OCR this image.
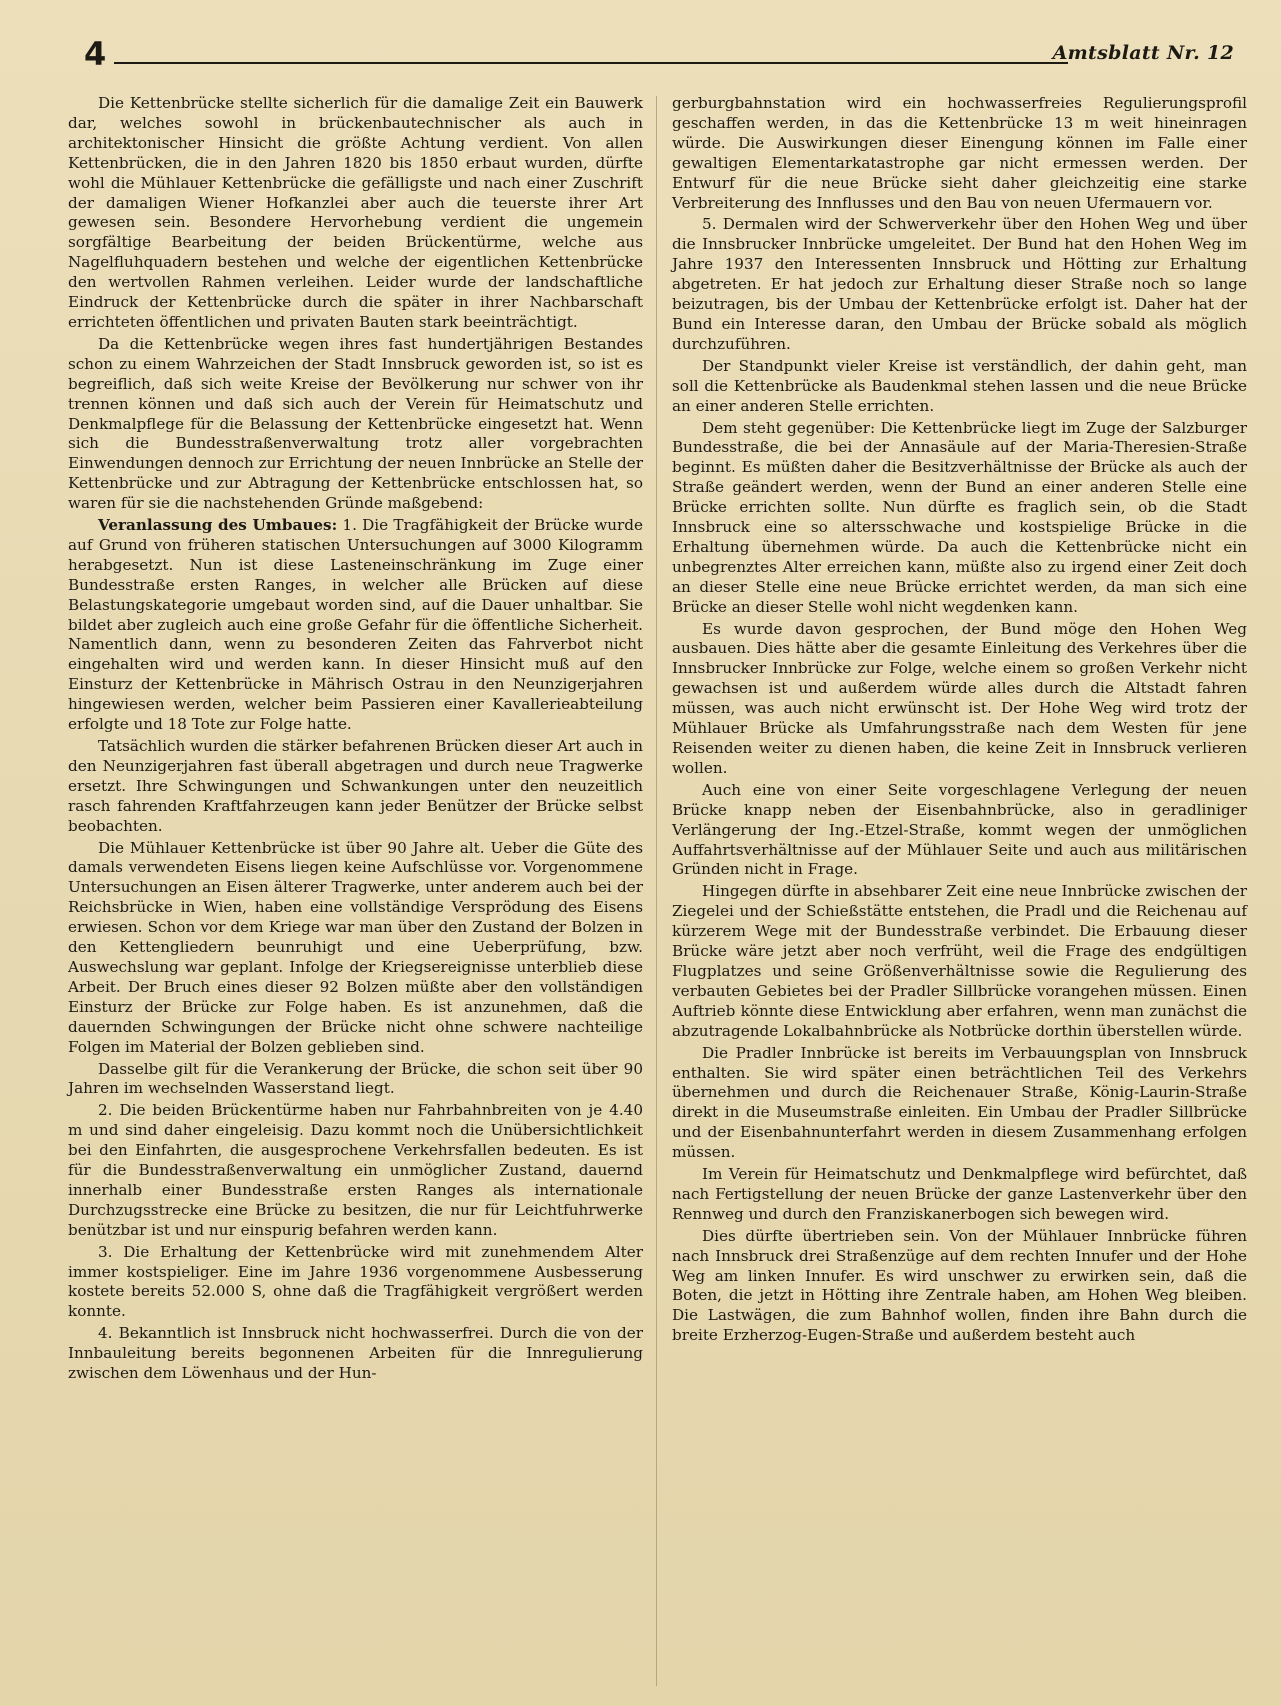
4	Amtsblatt Nr. 12

Die Kettenbrücke stellte sicherlich für die damalige Zeit ein Bauwerk dar, welches sowohl in brückenbautechnischer als auch in architektonischer Hinsicht die größte Achtung verdient. Von allen Kettenbrücken, die in den Jahren 1820 bis 1850 erbaut wurden, dürfte wohl die Mühlauer Kettenbrücke die gefälligste und nach einer Zuschrift der damaligen Wiener Hofkanzlei aber auch die teuerste ihrer Art gewesen sein. Besondere Hervorhebung verdient die ungemein sorgfältige Bearbeitung der beiden Brückentürme, welche aus Nagelfluhquadern bestehen und welche der eigentlichen Kettenbrücke den wertvollen Rahmen verleihen. Leider wurde der landschaftliche Eindruck der Kettenbrücke durch die später in ihrer Nachbarschaft errichteten öffentlichen und privaten Bauten stark beeinträchtigt.

Da die Kettenbrücke wegen ihres fast hundertjährigen Bestandes schon zu einem Wahrzeichen der Stadt Innsbruck geworden ist, so ist es begreiflich, daß sich weite Kreise der Bevölkerung nur schwer von ihr trennen können und daß sich auch der Verein für Heimatschutz und Denkmalpflege für die Belassung der Kettenbrücke eingesetzt hat. Wenn sich die Bundesstraßenverwaltung trotz aller vorgebrachten Einwendungen dennoch zur Errichtung der neuen Innbrücke an Stelle der Kettenbrücke und zur Abtragung der Kettenbrücke entschlossen hat, so waren für sie die nachstehenden Gründe maßgebend:

Veranlassung des Umbaues: 1. Die Tragfähigkeit der Brücke wurde auf Grund von früheren statischen Untersuchungen auf 3000 Kilogramm herabgesetzt. Nun ist diese Lasteneinschränkung im Zuge einer Bundesstraße ersten Ranges, in welcher alle Brücken auf diese Belastungskategorie umgebaut worden sind, auf die Dauer unhaltbar. Sie bildet aber zugleich auch eine große Gefahr für die öffentliche Sicherheit. Namentlich dann, wenn zu besonderen Zeiten das Fahrverbot nicht eingehalten wird und werden kann. In dieser Hinsicht muß auf den Einsturz der Kettenbrücke in Mährisch Ostrau in den Neunzigerjahren hingewiesen werden, welcher beim Passieren einer Kavallerieabteilung erfolgte und 18 Tote zur Folge hatte.

Tatsächlich wurden die stärker befahrenen Brücken dieser Art auch in den Neunzigerjahren fast überall abgetragen und durch neue Tragwerke ersetzt. Ihre Schwingungen und Schwankungen unter den neuzeitlich rasch fahrenden Kraftfahrzeugen kann jeder Benützer der Brücke selbst beobachten.

Die Mühlauer Kettenbrücke ist über 90 Jahre alt. Ueber die Güte des damals verwendeten Eisens liegen keine Aufschlüsse vor. Vorgenommene Untersuchungen an Eisen älterer Tragwerke, unter anderem auch bei der Reichsbrücke in Wien, haben eine vollständige Versprödung des Eisens erwiesen. Schon vor dem Kriege war man über den Zustand der Bolzen in den Kettengliedern beunruhigt und eine Ueberprüfung, bzw. Auswechslung war geplant. Infolge der Kriegsereignisse unterblieb diese Arbeit. Der Bruch eines dieser 92 Bolzen müßte aber den vollständigen Einsturz der Brücke zur Folge haben. Es ist anzunehmen, daß die dauernden Schwingungen der Brücke nicht ohne schwere nachteilige Folgen im Material der Bolzen geblieben sind.

Dasselbe gilt für die Verankerung der Brücke, die schon seit über 90 Jahren im wechselnden Wasserstand liegt.

2. Die beiden Brückentürme haben nur Fahrbahnbreiten von je 4.40 m und sind daher eingeleisig. Dazu kommt noch die Unübersichtlichkeit bei den Einfahrten, die ausgesprochene Verkehrsfallen bedeuten. Es ist für die Bundesstraßenverwaltung ein unmöglicher Zustand, dauernd innerhalb einer Bundesstraße ersten Ranges als internationale Durchzugsstrecke eine Brücke zu besitzen, die nur für Leichtfuhrwerke benützbar ist und nur einspurig befahren werden kann.

3. Die Erhaltung der Kettenbrücke wird mit zunehmendem Alter immer kostspieliger. Eine im Jahre 1936 vorgenommene Ausbesserung kostete bereits 52.000 S, ohne daß die Tragfähigkeit vergrößert werden konnte.

4. Bekanntlich ist Innsbruck nicht hochwasserfrei. Durch die von der Innbauleitung bereits begonnenen Arbeiten für die Innregulierung zwischen dem Löwenhaus und der Hun-

gerburgbahnstation wird ein hochwasserfreies Regulierungsprofil geschaffen werden, in das die Kettenbrücke 13 m weit hineinragen würde. Die Auswirkungen dieser Einengung können im Falle einer gewaltigen Elementarkatastrophe gar nicht ermessen werden. Der Entwurf für die neue Brücke sieht daher gleichzeitig eine starke Verbreiterung des Innflusses und den Bau von neuen Ufermauern vor.

5. Dermalen wird der Schwerverkehr über den Hohen Weg und über die Innsbrucker Innbrücke umgeleitet. Der Bund hat den Hohen Weg im Jahre 1937 den Interessenten Innsbruck und Hötting zur Erhaltung abgetreten. Er hat jedoch zur Erhaltung dieser Straße noch so lange beizutragen, bis der Umbau der Kettenbrücke erfolgt ist. Daher hat der Bund ein Interesse daran, den Umbau der Brücke sobald als möglich durchzuführen.

Der Standpunkt vieler Kreise ist verständlich, der dahin geht, man soll die Kettenbrücke als Baudenkmal stehen lassen und die neue Brücke an einer anderen Stelle errichten.

Dem steht gegenüber: Die Kettenbrücke liegt im Zuge der Salzburger Bundesstraße, die bei der Annasäule auf der Maria-Theresien-Straße beginnt. Es müßten daher die Besitzverhältnisse der Brücke als auch der Straße geändert werden, wenn der Bund an einer anderen Stelle eine Brücke errichten sollte. Nun dürfte es fraglich sein, ob die Stadt Innsbruck eine so altersschwache und kostspielige Brücke in die Erhaltung übernehmen würde. Da auch die Kettenbrücke nicht ein unbegrenztes Alter erreichen kann, müßte also zu irgend einer Zeit doch an dieser Stelle eine neue Brücke errichtet werden, da man sich eine Brücke an dieser Stelle wohl nicht wegdenken kann.

Es wurde davon gesprochen, der Bund möge den Hohen Weg ausbauen. Dies hätte aber die gesamte Einleitung des Verkehres über die Innsbrucker Innbrücke zur Folge, welche einem so großen Verkehr nicht gewachsen ist und außerdem würde alles durch die Altstadt fahren müssen, was auch nicht erwünscht ist. Der Hohe Weg wird trotz der Mühlauer Brücke als Umfahrungsstraße nach dem Westen für jene Reisenden weiter zu dienen haben, die keine Zeit in Innsbruck verlieren wollen.

Auch eine von einer Seite vorgeschlagene Verlegung der neuen Brücke knapp neben der Eisenbahnbrücke, also in geradliniger Verlängerung der Ing.-Etzel-Straße, kommt wegen der unmöglichen Auffahrtsverhältnisse auf der Mühlauer Seite und auch aus militärischen Gründen nicht in Frage.

Hingegen dürfte in absehbarer Zeit eine neue Innbrücke zwischen der Ziegelei und der Schießstätte entstehen, die Pradl und die Reichenau auf kürzerem Wege mit der Bundesstraße verbindet. Die Erbauung dieser Brücke wäre jetzt aber noch verfrüht, weil die Frage des endgültigen Flugplatzes und seine Größenverhältnisse sowie die Regulierung des verbauten Gebietes bei der Pradler Sillbrücke vorangehen müssen. Einen Auftrieb könnte diese Entwicklung aber erfahren, wenn man zunächst die abzutragende Lokalbahnbrücke als Notbrücke dorthin überstellen würde.

Die Pradler Innbrücke ist bereits im Verbauungsplan von Innsbruck enthalten. Sie wird später einen beträchtlichen Teil des Verkehrs übernehmen und durch die Reichenauer Straße, König-Laurin-Straße direkt in die Museumstraße einleiten. Ein Umbau der Pradler Sillbrücke und der Eisenbahnunterfahrt werden in diesem Zusammenhang erfolgen müssen.

Im Verein für Heimatschutz und Denkmalpflege wird befürchtet, daß nach Fertigstellung der neuen Brücke der ganze Lastenverkehr über den Rennweg und durch den Franziskanerbogen sich bewegen wird.

Dies dürfte übertrieben sein. Von der Mühlauer Innbrücke führen nach Innsbruck drei Straßenzüge auf dem rechten Innufer und der Hohe Weg am linken Innufer. Es wird unschwer zu erwirken sein, daß die Boten, die jetzt in Hötting ihre Zentrale haben, am Hohen Weg bleiben. Die Lastwägen, die zum Bahnhof wollen, finden ihre Bahn durch die breite Erzherzog-Eugen-Straße und außerdem besteht auch
